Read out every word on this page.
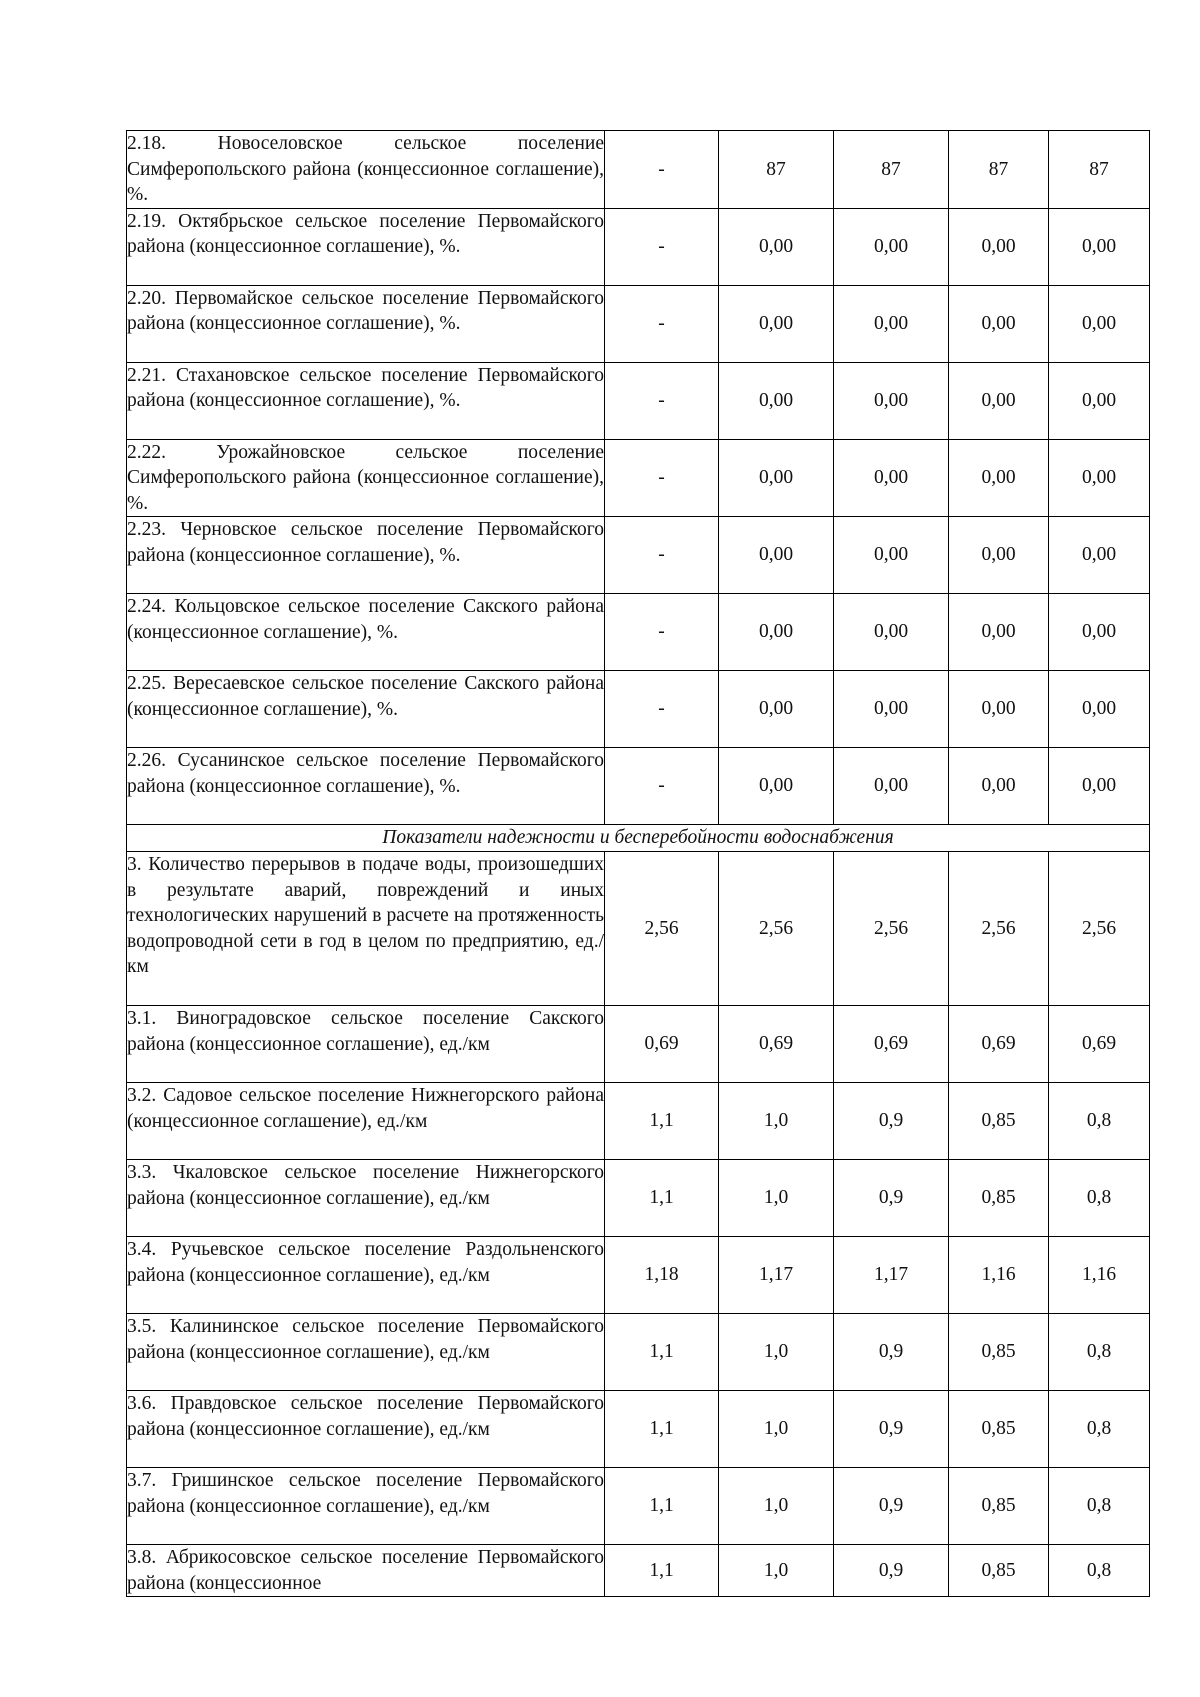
2.18. Новоселовское сельское поселение Симферопольского района (концессионное соглашение), %.	-	87	87	87	87
2.19. Октябрьское сельское поселение Первомайского района (концессионное соглашение), %.	-	0,00	0,00	0,00	0,00
2.20. Первомайское сельское поселение Первомайского района (концессионное соглашение), %.	-	0,00	0,00	0,00	0,00
2.21. Стахановское сельское поселение Первомайского района (концессионное соглашение), %.	-	0,00	0,00	0,00	0,00
2.22. Урожайновское сельское поселение Симферопольского района (концессионное соглашение), %.	-	0,00	0,00	0,00	0,00
2.23. Черновское сельское поселение Первомайского района (концессионное соглашение), %.	-	0,00	0,00	0,00	0,00
2.24. Кольцовское сельское поселение Сакского района (концессионное соглашение), %.	-	0,00	0,00	0,00	0,00
2.25. Вересаевское сельское поселение Сакского района (концессионное соглашение), %.	-	0,00	0,00	0,00	0,00
2.26. Сусанинское сельское поселение Первомайского района (концессионное соглашение), %.	-	0,00	0,00	0,00	0,00
Показатели надежности и бесперебойности водоснабжения					
3. Количество перерывов в подаче воды, произошедших в результате аварий, повреждений и иных технологических нарушений в расчете на протяженность водопроводной сети в год в целом по предприятию, ед./км	2,56	2,56	2,56	2,56	2,56
3.1. Виноградовское сельское поселение Сакского района (концессионное соглашение), ед./км	0,69	0,69	0,69	0,69	0,69
3.2. Садовое сельское поселение Нижнегорского района (концессионное соглашение), ед./км	1,1	1,0	0,9	0,85	0,8
3.3. Чкаловское сельское поселение Нижнегорского района (концессионное соглашение), ед./км	1,1	1,0	0,9	0,85	0,8
3.4. Ручьевское сельское поселение Раздольненского района (концессионное соглашение), ед./км	1,18	1,17	1,17	1,16	1,16
3.5. Калининское сельское поселение Первомайского района (концессионное соглашение), ед./км	1,1	1,0	0,9	0,85	0,8
3.6. Правдовское сельское поселение Первомайского района (концессионное соглашение), ед./км	1,1	1,0	0,9	0,85	0,8
3.7. Гришинское сельское поселение Первомайского района (концессионное соглашение), ед./км	1,1	1,0	0,9	0,85	0,8
3.8. Абрикосовское сельское поселение Первомайского района (концессионное	1,1	1,0	0,9	0,85	0,8
